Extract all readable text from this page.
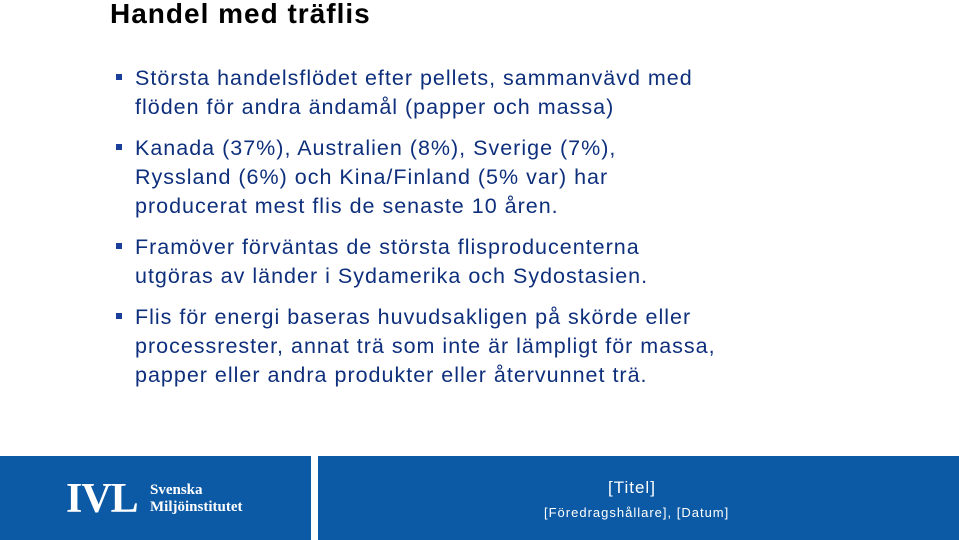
Handel med träflis
Största handelsflödet efter pellets, sammanvävd med
flöden för andra ändamål (papper och massa)
Kanada (37%), Australien (8%), Sverige (7%),
Ryssland (6%) och Kina/Finland (5% var) har
producerat mest flis de senaste 10 åren.
Framöver förväntas de största flisproducenterna
utgöras av länder i Sydamerika och Sydostasien.
Flis för energi baseras huvudsakligen på skörde eller
processrester, annat trä som inte är lämpligt för massa,
papper eller andra produkter eller återvunnet trä.
IVL Svenska
Miljöinstitutet
[Titel]
[Föredragshållare], [Datum]
